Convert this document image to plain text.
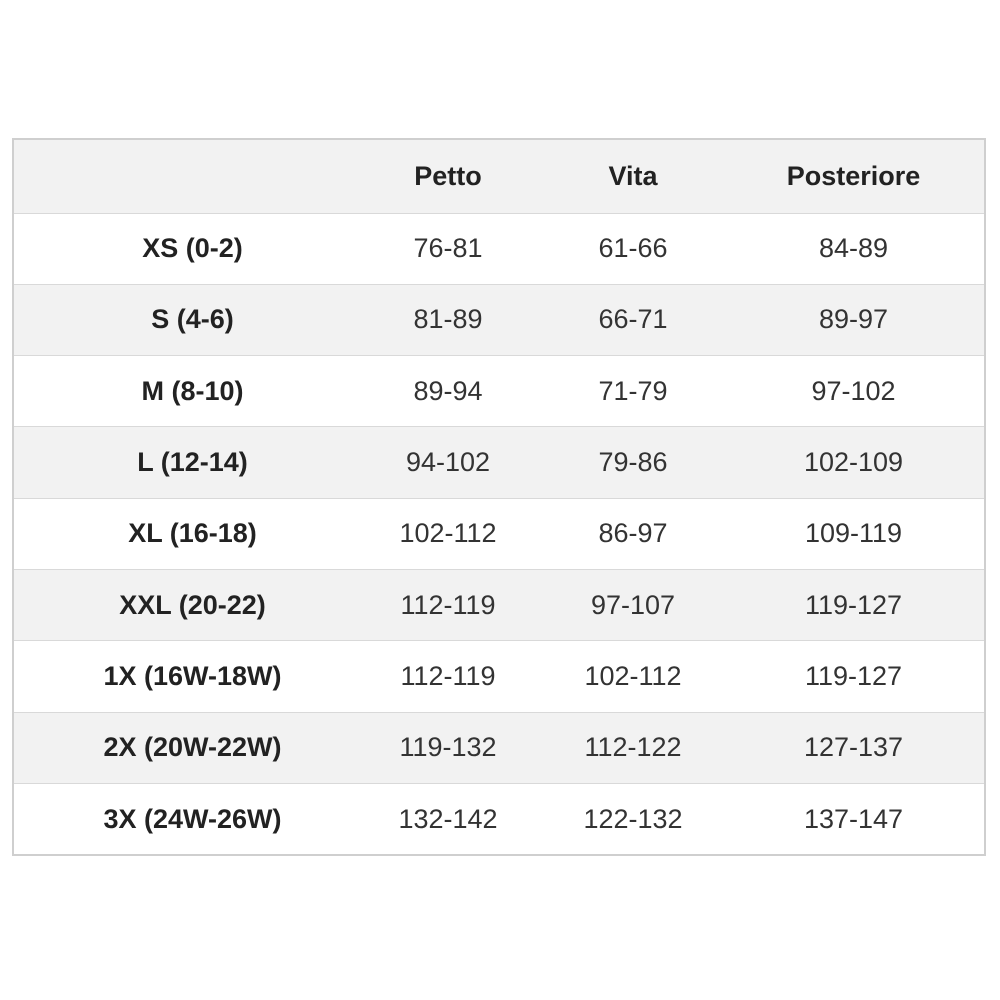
	Petto	Vita	Posteriore
XS (0-2)	76-81	61-66	84-89
S (4-6)	81-89	66-71	89-97
M (8-10)	89-94	71-79	97-102
L (12-14)	94-102	79-86	102-109
XL (16-18)	102-112	86-97	109-119
XXL (20-22)	112-119	97-107	119-127
1X (16W-18W)	112-119	102-112	119-127
2X (20W-22W)	119-132	112-122	127-137
3X (24W-26W)	132-142	122-132	137-147
